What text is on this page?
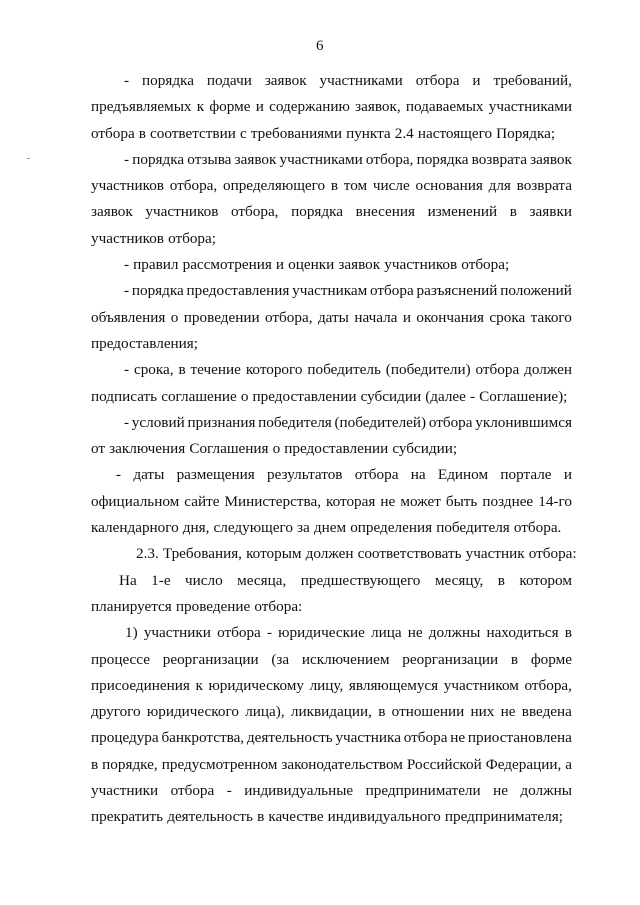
6
- порядка подачи заявок участниками отбора и требований,
предъявляемых к форме и содержанию заявок, подаваемых участниками
отбора в соответствии с требованиями пункта 2.4 настоящего Порядка;
- порядка отзыва заявок участниками отбора, порядка возврата заявок
участников отбора, определяющего в том числе основания для возврата
заявок участников отбора, порядка внесения изменений в заявки
участников отбора;
- правил рассмотрения и оценки заявок участников отбора;
- порядка предоставления участникам отбора разъяснений положений
объявления о проведении отбора, даты начала и окончания срока такого
предоставления;
- срока, в течение которого победитель (победители) отбора должен
подписать соглашение о предоставлении субсидии (далее - Соглашение);
- условий признания победителя (победителей) отбора уклонившимся
от заключения Соглашения о предоставлении субсидии;
- даты размещения результатов отбора на Едином портале и
официальном сайте Министерства, которая не может быть позднее 14-го
календарного дня, следующего за днем определения победителя отбора.
2.3. Требования, которым должен соответствовать участник отбора:
На 1-е число месяца, предшествующего месяцу, в котором
планируется проведение отбора:
1) участники отбора - юридические лица не должны находиться в
процессе реорганизации (за исключением реорганизации в форме
присоединения к юридическому лицу, являющемуся участником отбора,
другого юридического лица), ликвидации, в отношении них не введена
процедура банкротства, деятельность участника отбора не приостановлена
в порядке, предусмотренном законодательством Российской Федерации, а
участники отбора - индивидуальные предприниматели не должны
прекратить деятельность в качестве индивидуального предпринимателя;
